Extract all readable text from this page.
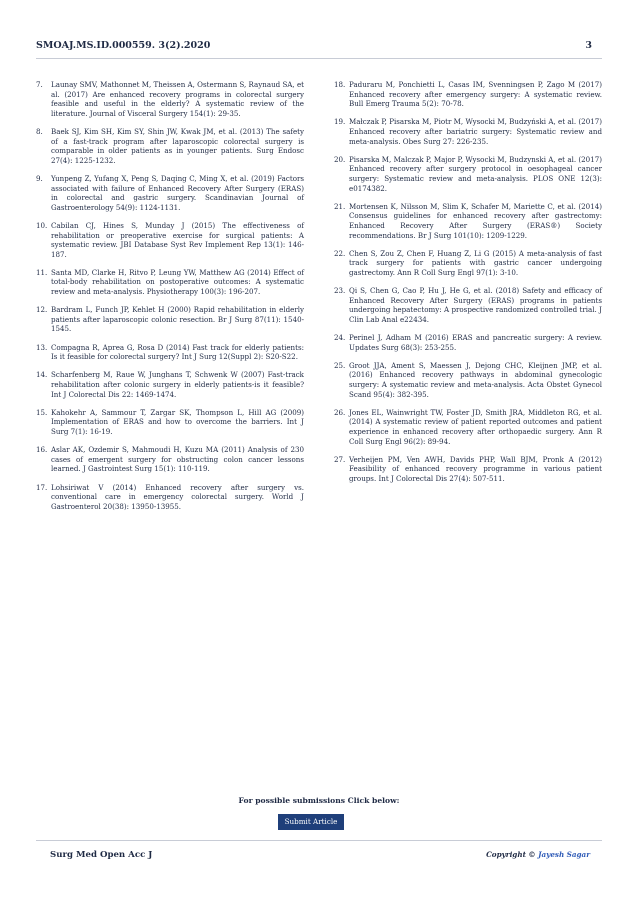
SMOAJ.MS.ID.000559. 3(2).2020	3
7.	Launay SMV, Mathonnet M, Theissen A, Ostermann S, Raynaud SA, et al. (2017) Are enhanced recovery programs in colorectal surgery feasible and useful in the elderly? A systematic review of the literature. Journal of Visceral Surgery 154(1): 29-35.
8.	Baek SJ, Kim SH, Kim SY, Shin JW, Kwak JM, et al. (2013) The safety of a fast-track program after laparoscopic colorectal surgery is comparable in older patients as in younger patients. Surg Endosc 27(4): 1225-1232.
9.	Yunpeng Z, Yufang X, Peng S, Daqing C, Ming X, et al. (2019) Factors associated with failure of Enhanced Recovery After Surgery (ERAS) in colorectal and gastric surgery. Scandinavian Journal of Gastroenterology 54(9): 1124-1131.
10. Cabilan CJ, Hines S, Munday J (2015) The effectiveness of rehabilitation or preoperative exercise for surgical patients: A systematic review. JBI Database Syst Rev Implement Rep 13(1): 146-187.
11. Santa MD, Clarke H, Ritvo P, Leung YW, Matthew AG (2014) Effect of total-body rehabilitation on postoperative outcomes: A systematic review and meta-analysis. Physiotherapy 100(3): 196-207.
12. Bardram L, Funch JP, Kehlet H (2000) Rapid rehabilitation in elderly patients after laparoscopic colonic resection. Br J Surg 87(11): 1540-1545.
13. Compagna R, Aprea G, Rosa D (2014) Fast track for elderly patients: Is it feasible for colorectal surgery? Int J Surg 12(Suppl 2): S20-S22.
14. Scharfenberg M, Raue W, Junghans T, Schwenk W (2007) Fast-track rehabilitation after colonic surgery in elderly patients-is it feasible? Int J Colorectal Dis 22: 1469-1474.
15. Kahokehr A, Sammour T, Zargar SK, Thompson L, Hill AG (2009) Implementation of ERAS and how to overcome the barriers. Int J Surg 7(1): 16-19.
16. Aslar AK, Ozdemir S, Mahmoudi H, Kuzu MA (2011) Analysis of 230 cases of emergent surgery for obstructing colon cancer lessons learned. J Gastrointest Surg 15(1): 110-119.
17. Lohsiriwat V (2014) Enhanced recovery after surgery vs. conventional care in emergency colorectal surgery. World J Gastroenterol 20(38): 13950-13955.
18. Paduraru M, Ponchietti L, Casas IM, Svenningsen P, Zago M (2017) Enhanced recovery after emergency surgery: A systematic review. Bull Emerg Trauma 5(2): 70-78.
19. Małczak P, Pisarska M, Piotr M, Wysocki M, Budzyński A, et al. (2017) Enhanced recovery after bariatric surgery: Systematic review and meta-analysis. Obes Surg 27: 226-235.
20. Pisarska M, Malczak P, Major P, Wysocki M, Budzynski A, et al. (2017) Enhanced recovery after surgery protocol in oesophageal cancer surgery: Systematic review and meta-analysis. PLOS ONE 12(3): e0174382.
21. Mortensen K, Nilsson M, Slim K, Schafer M, Mariette C, et al. (2014) Consensus guidelines for enhanced recovery after gastrectomy: Enhanced Recovery After Surgery (ERAS®) Society recommendations. Br J Surg 101(10): 1209-1229.
22. Chen S, Zou Z, Chen F, Huang Z, Li G (2015) A meta-analysis of fast track surgery for patients with gastric cancer undergoing gastrectomy. Ann R Coll Surg Engl 97(1): 3-10.
23. Qi S, Chen G, Cao P, Hu J, He G, et al. (2018) Safety and efficacy of Enhanced Recovery After Surgery (ERAS) programs in patients undergoing hepatectomy: A prospective randomized controlled trial. J Clin Lab Anal e22434.
24. Perinel J, Adham M (2016) ERAS and pancreatic surgery: A review. Updates Surg 68(3): 253-255.
25. Groot JJA, Ament S, Maessen J, Dejong CHC, Kleijnen JMP, et al. (2016) Enhanced recovery pathways in abdominal gynecologic surgery: A systematic review and meta-analysis. Acta Obstet Gynecol Scand 95(4): 382-395.
26. Jones EL, Wainwright TW, Foster JD, Smith JRA, Middleton RG, et al. (2014) A systematic review of patient reported outcomes and patient experience in enhanced recovery after orthopaedic surgery. Ann R Coll Surg Engl 96(2): 89-94.
27. Verheijen PM, Ven AWH, Davids PHP, Wall BJM, Pronk A (2012) Feasibility of enhanced recovery programme in various patient groups. Int J Colorectal Dis 27(4): 507-511.
For possible submissions Click below:
Submit Article
Surg Med Open Acc J	Copyright © Jayesh Sagar
